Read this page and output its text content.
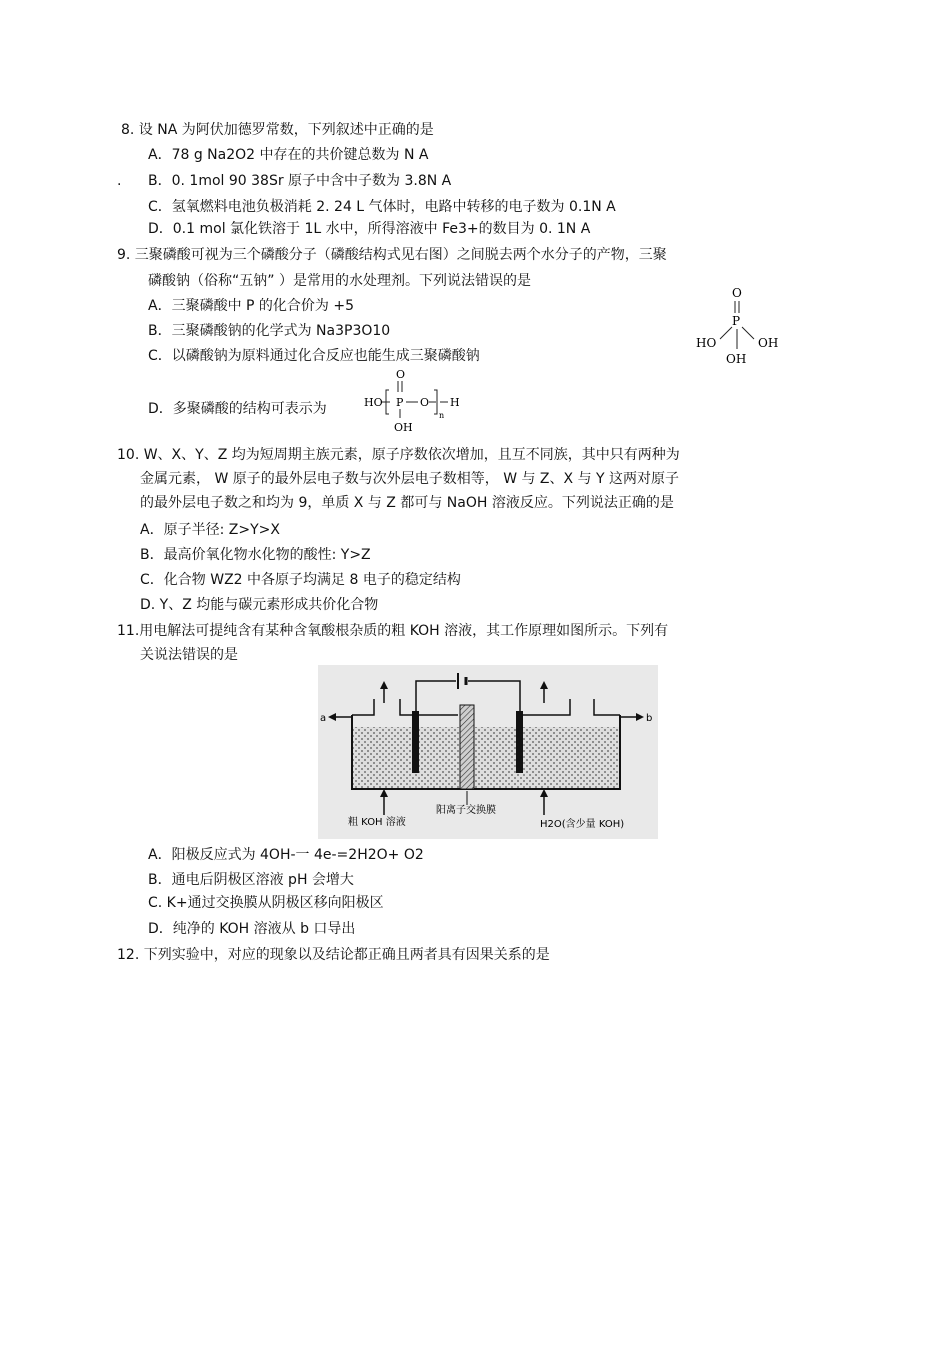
8. 设 NA 为阿伏加德罗常数，下列叙述中正确的是
A．78 g Na2O2 中存在的共价键总数为 N A
. B．0. 1mol 90 38Sr 原子中含中子数为 3.8N A
C．氢氧燃料电池负极消耗 2. 24 L 气体时，电路中转移的电子数为 0.1N A
D．0.1 mol 氯化铁溶于 1L 水中，所得溶液中 Fe3+的数目为 0. 1N A
9. 三聚磷酸可视为三个磷酸分子（磷酸结构式见右图）之间脱去两个水分子的产物，三聚
磷酸钠（俗称“五钠” ）是常用的水处理剂。下列说法错误的是
A．三聚磷酸中 P 的化合价为 +5
B．三聚磷酸钠的化学式为 Na3P3O10
C．以磷酸钠为原料通过化合反应也能生成三聚磷酸钠
D．多聚磷酸的结构可表示为
O
P
HO	OH
OH
O
HO P O
n
H
OH
10. W、X、Y、Z 均为短周期主族元素，原子序数依次增加，且互不同族，其中只有两种为
金属元素， W 原子的最外层电子数与次外层电子数相等， W 与 Z、X 与 Y 这两对原子
的最外层电子数之和均为 9，单质 X 与 Z 都可与 NaOH 溶液反应。下列说法正确的是
A．原子半径: Z>Y>X
B．最高价氧化物水化物的酸性: Y>Z
C．化合物 WZ2 中各原子均满足 8 电子的稳定结构
D. Y、Z 均能与碳元素形成共价化合物
11.用电解法可提纯含有某种含氧酸根杂质的粗 KOH 溶液，其工作原理如图所示。下列有
关说法错误的是
a	b
粗 KOH 溶液
阳离子交换膜
H2O(含少量 KOH)
A．阳极反应式为 4OH-一 4e-=2H2O+ O2
B．通电后阴极区溶液 pH 会增大
C. K+通过交换膜从阴极区移向阳极区
D．纯净的 KOH 溶液从 b 口导出
12. 下列实验中，对应的现象以及结论都正确且两者具有因果关系的是
